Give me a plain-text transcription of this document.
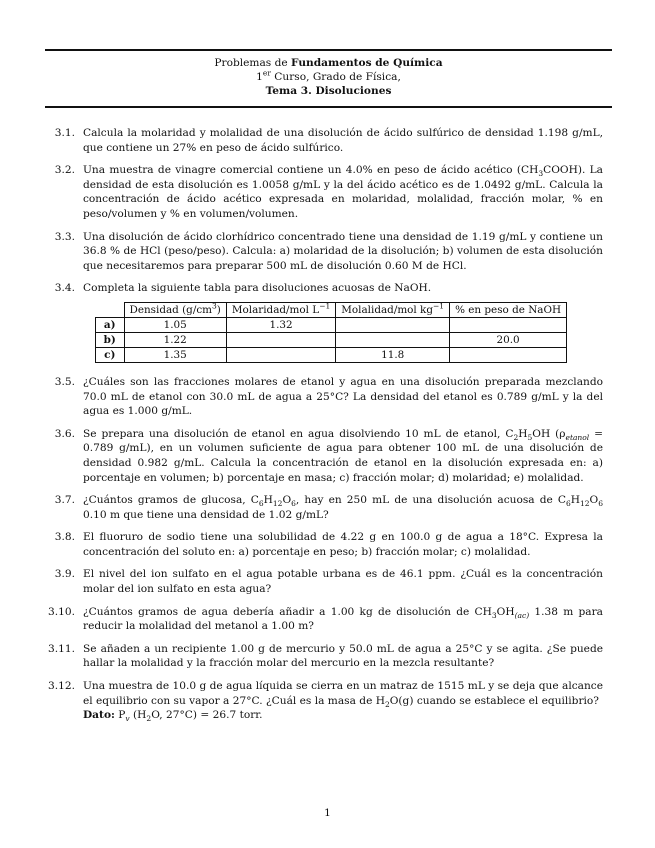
Problemas de Fundamentos de Química
1er Curso, Grado de Física,
Tema 3. Disoluciones
3.1. Calcula la molaridad y molalidad de una disolución de ácido sulfúrico de densidad 1.198 g/mL, que contiene un 27% en peso de ácido sulfúrico.
3.2. Una muestra de vinagre comercial contiene un 4.0% en peso de ácido acético $(CH_3COOH)$. La densidad de esta disolución es 1.0058 g/mL y la del ácido acético es de 1.0492 g/mL. Calcula la concentración de ácido acético expresada en molaridad, molalidad, fracción molar, % en peso/volumen y % en volumen/volumen.
3.3. Una disolución de ácido clorhídrico concentrado tiene una densidad de 1.19 g/mL y contiene un 36.8 % de HCl (peso/peso). Calcula: a) molaridad de la disolución; b) volumen de esta disolución que necesitaremos para preparar 500 mL de disolución 0.60 M de HCl.
3.4. Completa la siguiente tabla para disoluciones acuosas de NaOH.
	Densidad $(g/cm^3)$	Molaridad/mol $L^{-1}$	Molalidad/mol $kg^{-1}$	% en peso de NaOH
a)	1.05	1.32		
b)	1.22			20.0
c)	1.35		11.8	
3.5. ¿Cuáles son las fracciones molares de etanol y agua en una disolución preparada mezclando 70.0 mL de etanol con 30.0 mL de agua a 25°C? La densidad del etanol es 0.789 g/mL y la del agua es 1.000 g/mL.
3.6. Se prepara una disolución de etanol en agua disolviendo 10 mL de etanol, $C_2H_5OH$ ($\rho_{etanol} = 0.789$ g/mL), en un volumen suficiente de agua para obtener 100 mL de una disolución de densidad 0.982 g/mL. Calcula la concentración de etanol en la disolución expresada en: a) porcentaje en volumen; b) porcentaje en masa; c) fracción molar; d) molaridad; e) molalidad.
3.7. ¿Cuántos gramos de glucosa, $C_6H_{12}O_6$, hay en 250 mL de una disolución acuosa de $C_6H_{12}O_6$ 0.10 m que tiene una densidad de 1.02 g/mL?
3.8. El fluoruro de sodio tiene una solubilidad de 4.22 g en 100.0 g de agua a 18°C. Expresa la concentración del soluto en: a) porcentaje en peso; b) fracción molar; c) molalidad.
3.9. El nivel del ion sulfato en el agua potable urbana es de 46.1 ppm. ¿Cuál es la concentración molar del ion sulfato en esta agua?
3.10. ¿Cuántos gramos de agua debería añadir a 1.00 kg de disolución de $CH_3OH_{(ac)}$ 1.38 m para reducir la molalidad del metanol a 1.00 m?
3.11. Se añaden a un recipiente 1.00 g de mercurio y 50.0 mL de agua a 25°C y se agita. ¿Se puede hallar la molalidad y la fracción molar del mercurio en la mezcla resultante?
3.12. Una muestra de 10.0 g de agua líquida se cierra en un matraz de 1515 mL y se deja que alcance el equilibrio con su vapor a 27°C. ¿Cuál es la masa de $H_2O(g)$ cuando se establece el equilibrio?
Dato: $P_v$ ($H_2O$, 27°C) = 26.7 torr.
1
